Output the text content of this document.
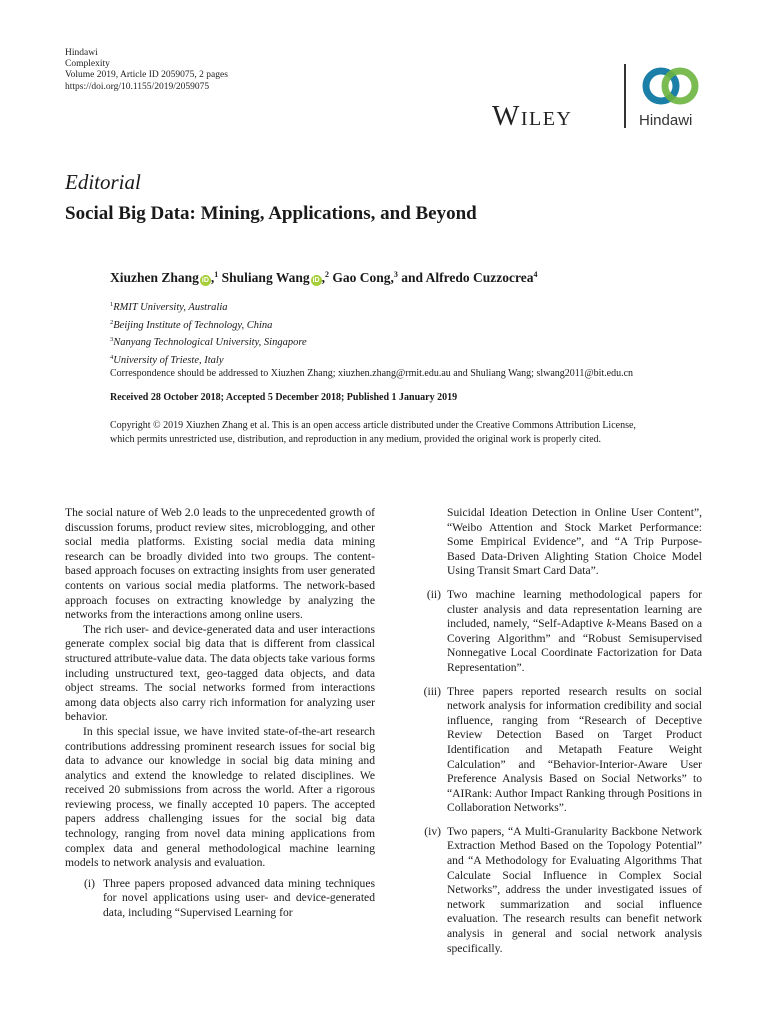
Hindawi
Complexity
Volume 2019, Article ID 2059075, 2 pages
https://doi.org/10.1155/2019/2059075
Wiley	Hindawi
Editorial
Social Big Data: Mining, Applications, and Beyond
Xiuzhen Zhang iD ,$^1$ Shuliang Wang iD ,$^2$ Gao Cong,$^3$ and Alfredo Cuzzocrea$^4$
$^1$RMIT University, Australia
$^2$Beijing Institute of Technology, China
$^3$Nanyang Technological University, Singapore
$^4$University of Trieste, Italy
Correspondence should be addressed to Xiuzhen Zhang; xiuzhen.zhang@rmit.edu.au and Shuliang Wang; slwang2011@bit.edu.cn
Received 28 October 2018; Accepted 5 December 2018; Published 1 January 2019
Copyright © 2019 Xiuzhen Zhang et al. This is an open access article distributed under the Creative Commons Attribution License,
which permits unrestricted use, distribution, and reproduction in any medium, provided the original work is properly cited.

The social nature of Web 2.0 leads to the unprecedented growth of discussion forums, product review sites, microblogging, and other social media platforms. Existing social media data mining research can be broadly divided into two groups. The content-based approach focuses on extracting insights from user generated contents on various social media platforms. The network-based approach focuses on extracting knowledge by analyzing the networks from the interactions among online users.

The rich user- and device-generated data and user interactions generate complex social big data that is different from classical structured attribute-value data. The data objects take various forms including unstructured text, geo-tagged data objects, and data object streams. The social networks formed from interactions among data objects also carry rich information for analyzing user behavior.

In this special issue, we have invited state-of-the-art research contributions addressing prominent research issues for social big data to advance our knowledge in social big data mining and analytics and extend the knowledge to related disciplines. We received 20 submissions from across the world. After a rigorous reviewing process, we finally accepted 10 papers. The accepted papers address challenging issues for the social big data technology, ranging from novel data mining applications from complex data and general methodological machine learning models to network analysis and evaluation.

(i) Three papers proposed advanced data mining techniques for novel applications using user- and device-generated data, including “Supervised Learning for

Suicidal Ideation Detection in Online User Content”, “Weibo Attention and Stock Market Performance: Some Empirical Evidence”, and “A Trip Purpose-Based Data-Driven Alighting Station Choice Model Using Transit Smart Card Data”.

(ii) Two machine learning methodological papers for cluster analysis and data representation learning are included, namely, “Self-Adaptive k-Means Based on a Covering Algorithm” and “Robust Semisupervised Nonnegative Local Coordinate Factorization for Data Representation”.

(iii) Three papers reported research results on social network analysis for information credibility and social influence, ranging from “Research of Deceptive Review Detection Based on Target Product Identification and Metapath Feature Weight Calculation” and “Behavior-Interior-Aware User Preference Analysis Based on Social Networks” to “AIRank: Author Impact Ranking through Positions in Collaboration Networks”.

(iv) Two papers, “A Multi-Granularity Backbone Network Extraction Method Based on the Topology Potential” and “A Methodology for Evaluating Algorithms That Calculate Social Influence in Complex Social Networks”, address the under investigated issues of network summarization and social influence evaluation. The research results can benefit network analysis in general and social network analysis specifically.
